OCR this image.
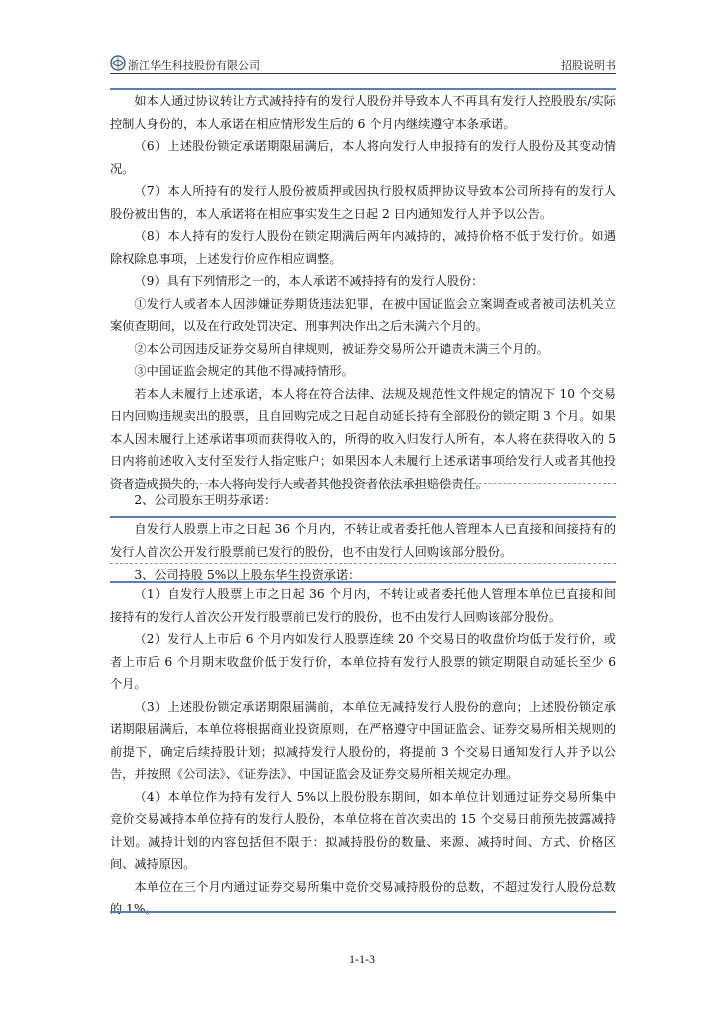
浙江华生科技股份有限公司	招股说明书

如本人通过协议转让方式减持持有的发行人股份并导致本人不再具有发行人控股股东/实际控制人身份的，本人承诺在相应情形发生后的 6 个月内继续遵守本条承诺。

（6）上述股份锁定承诺期限届满后，本人将向发行人申报持有的发行人股份及其变动情况。

（7）本人所持有的发行人股份被质押或因执行股权质押协议导致本公司所持有的发行人股份被出售的，本人承诺将在相应事实发生之日起 2 日内通知发行人并予以公告。

（8）本人持有的发行人股份在锁定期满后两年内减持的，减持价格不低于发行价。如遇除权除息事项，上述发行价应作相应调整。

（9）具有下列情形之一的，本人承诺不减持持有的发行人股份：

①发行人或者本人因涉嫌证券期货违法犯罪，在被中国证监会立案调查或者被司法机关立案侦查期间，以及在行政处罚决定、刑事判决作出之后未满六个月的。

②本公司因违反证券交易所自律规则，被证券交易所公开谴责未满三个月的。

③中国证监会规定的其他不得减持情形。

若本人未履行上述承诺，本人将在符合法律、法规及规范性文件规定的情况下 10 个交易日内回购违规卖出的股票，且自回购完成之日起自动延长持有全部股份的锁定期 3 个月。如果本人因未履行上述承诺事项而获得收入的，所得的收入归发行人所有，本人将在获得收入的 5 日内将前述收入支付至发行人指定账户；如果因本人未履行上述承诺事项给发行人或者其他投资者造成损失的，本人将向发行人或者其他投资者依法承担赔偿责任。

2、公司股东王明芬承诺：

自发行人股票上市之日起 36 个月内，不转让或者委托他人管理本人已直接和间接持有的发行人首次公开发行股票前已发行的股份，也不由发行人回购该部分股份。

3、公司持股 5%以上股东华生投资承诺：

（1）自发行人股票上市之日起 36 个月内，不转让或者委托他人管理本单位已直接和间接持有的发行人首次公开发行股票前已发行的股份，也不由发行人回购该部分股份。

（2）发行人上市后 6 个月内如发行人股票连续 20 个交易日的收盘价均低于发行价，或者上市后 6 个月期末收盘价低于发行价，本单位持有发行人股票的锁定期限自动延长至少 6 个月。

（3）上述股份锁定承诺期限届满前，本单位无减持发行人股份的意向；上述股份锁定承诺期限届满后，本单位将根据商业投资原则，在严格遵守中国证监会、证券交易所相关规则的前提下，确定后续持股计划；拟减持发行人股份的，将提前 3 个交易日通知发行人并予以公告，并按照《公司法》、《证券法》、中国证监会及证券交易所相关规定办理。

（4）本单位作为持有发行人 5%以上股份股东期间，如本单位计划通过证券交易所集中竞价交易减持本单位持有的发行人股份，本单位将在首次卖出的 15 个交易日前预先披露减持计划。减持计划的内容包括但不限于：拟减持股份的数量、来源、减持时间、方式、价格区间、减持原因。

本单位在三个月内通过证券交易所集中竞价交易减持股份的总数，不超过发行人股份总数的 1%。

1-1-3
